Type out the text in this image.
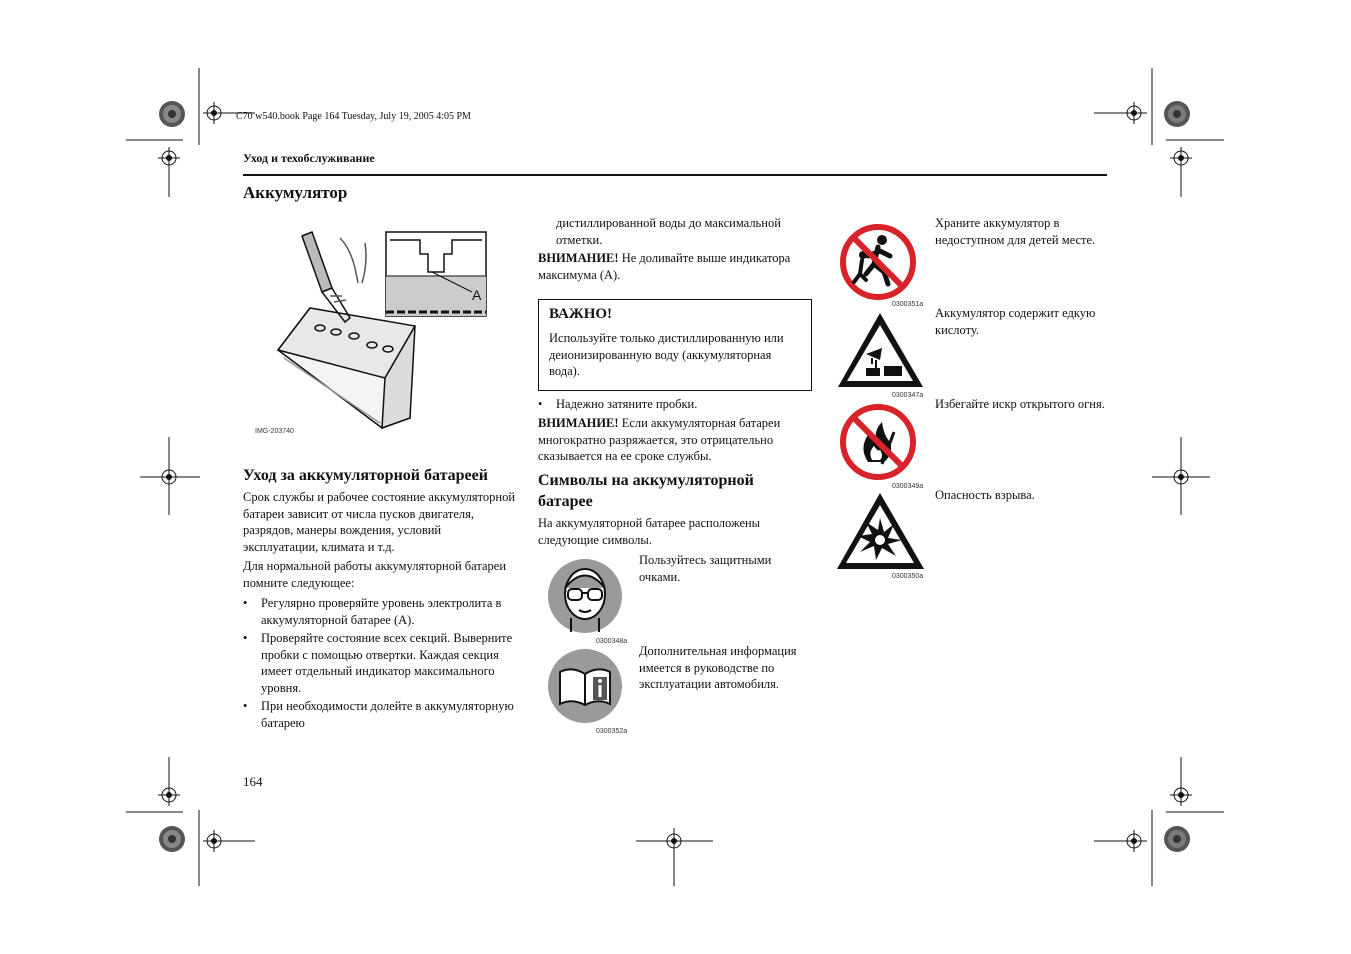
C70 w540.book Page 164 Tuesday, July 19, 2005 4:05 PM
Уход и техобслуживание
Аккумулятор
A
IMG-203740
Уход за аккумуляторной батареей

Срок службы и рабочее состояние аккумуляторной батареи зависит от числа пусков двигателя, разрядов, манеры вождения, условий эксплуатации, климата и т.д.

Для нормальной работы аккумуляторной батареи помните следующее:

• Регулярно проверяйте уровень электролита в аккумуляторной батарее (A).
• Проверяйте состояние всех секций. Выверните пробки с помощью отвертки. Каждая секция имеет отдельный индикатор максимального уровня.
• При необходимости долейте в аккумуляторную батарею
дистиллированной воды до максимальной отметки.

ВНИМАНИЕ! Не доливайте выше индикатора максимума (A).

ВАЖНО!
Используйте только дистиллированную или деионизированную воду (аккумуляторная вода).
• Надежно затяните пробки.

ВНИМАНИЕ! Если аккумуляторная батареи многократно разряжается, это отрицательно сказывается на ее сроке службы.

Символы на аккумуляторной батарее

На аккумуляторной батарее расположены следующие символы.

0300348a

Пользуйтесь защитными очками.

0300352a

Дополнительная информация имеется в руководстве по эксплуатации автомобиля.

0300351a

Храните аккумулятор в недоступном для детей месте.

0300347a

Аккумулятор содержит едкую кислоту.

0300349a

Избегайте искр открытого огня.

0300350a

Опасность взрыва.

164
